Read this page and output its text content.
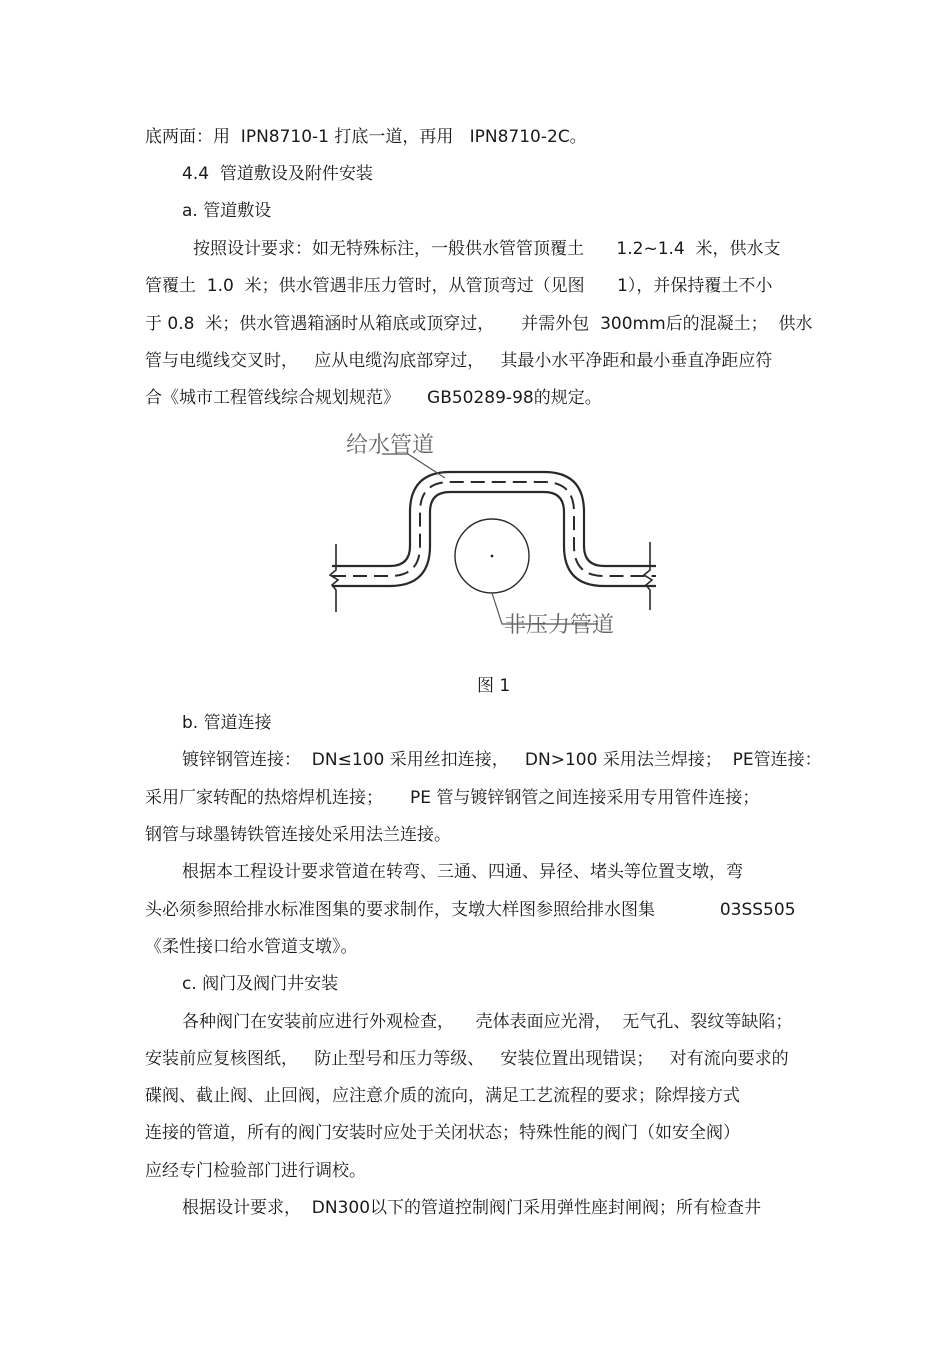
底两面：用  IPN8710-1 打底一道，再用   IPN8710-2C。
4.4  管道敷设及附件安装
a. 管道敷设
按照设计要求：如无特殊标注，一般供水管管顶覆土      1.2~1.4  米，供水支
管覆土  1.0  米；供水管遇非压力管时，从管顶弯过（见图      1），并保持覆土不小
于 0.8  米；供水管遇箱涵时从箱底或顶穿过，     并需外包  300mm后的混凝土；  供水
管与电缆线交叉时，   应从电缆沟底部穿过，   其最小水平净距和最小垂直净距应符
合《城市工程管线综合规划规范》     GB50289-98的规定。
给水管道
非压力管道
图 1
b. 管道连接
镀锌钢管连接：  DN≤100 采用丝扣连接，   DN>100 采用法兰焊接；  PE管连接：
采用厂家转配的热熔焊机连接；     PE 管与镀锌钢管之间连接采用专用管件连接；
钢管与球墨铸铁管连接处采用法兰连接。
根据本工程设计要求管道在转弯、三通、四通、异径、堵头等位置支墩，弯
头必须参照给排水标准图集的要求制作，支墩大样图参照给排水图集            03SS505
《柔性接口给水管道支墩》。
c. 阀门及阀门井安装
各种阀门在安装前应进行外观检查，    壳体表面应光滑，  无气孔、裂纹等缺陷；
安装前应复核图纸，   防止型号和压力等级、   安装位置出现错误；   对有流向要求的
碟阀、截止阀、止回阀，应注意介质的流向，满足工艺流程的要求；除焊接方式
连接的管道，所有的阀门安装时应处于关闭状态；特殊性能的阀门（如安全阀）
应经专门检验部门进行调校。
根据设计要求，  DN300以下的管道控制阀门采用弹性座封闸阀；所有检查井
